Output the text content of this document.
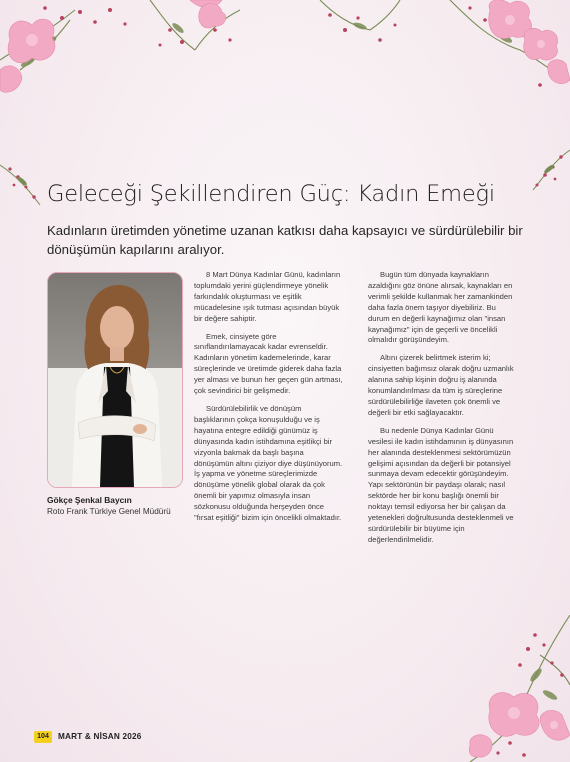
Geleceği Şekillendiren Güç: Kadın Emeği

Kadınların üretimden yönetime uzanan katkısı daha kapsayıcı ve sürdürülebilir bir dönüşümün kapılarını aralıyor.

Gökçe Şenkal Baycın
Roto Frank Türkiye Genel Müdürü

8 Mart Dünya Kadınlar Günü, kadınların toplumdaki yerini güçlendirmeye yönelik farkındalık oluşturması ve eşitlik mücadelesine ışık tutması açısından büyük bir değere sahiptir.

Emek, cinsiyete göre sınıflandırılamayacak kadar evrenseldir. Kadınların yönetim kademelerinde, karar süreçlerinde ve üretimde giderek daha fazla yer alması ve bunun her geçen gün artması, çok sevindirici bir gelişmedir.

Sürdürülebilirlik ve dönüşüm başlıklarının çokça konuşulduğu ve iş hayatına entegre edildiği günümüz iş dünyasında kadın istihdamına eşitlikçi bir vizyonla bakmak da başlı başına dönüşümün altını çiziyor diye düşünüyorum. İş yapma ve yönetme süreçlerimizde dönüşüme yönelik global olarak da çok önemli bir yapımız olmasıyla insan sözkonusu olduğunda herşeyden önce "fırsat eşitliği" bizim için öncelikli olmaktadır.

Bugün tüm dünyada kaynakların azaldığını göz önüne alırsak, kaynakları en verimli şekilde kullanmak her zamankinden daha fazla önem taşıyor diyebiliriz. Bu durum en değerli kaynağımız olan "insan kaynağımız" için de geçerli ve öncelikli olmalıdır görüşündeyim.

Altını çizerek belirtmek isterim ki; cinsiyetten bağımsız olarak doğru uzmanlık alanına sahip kişinin doğru iş alanında konumlandırılması da tüm iş süreçlerine sürdürülebilirliğe ilaveten çok önemli ve değerli bir etki sağlayacaktır.

Bu nedenle Dünya Kadınlar Günü vesilesi ile kadın istihdamının iş dünyasının her alanında desteklenmesi sektörümüzün gelişimi açısından da değerli bir potansiyel sunmaya devam edecektir görüşündeyim. Yapı sektörünün bir paydaşı olarak; nasıl sektörde her bir konu başlığı önemli bir noktayı temsil ediyorsa her bir çalışan da yetenekleri doğrultusunda desteklenmeli ve sürdürülebilir bir büyüme için değerlendirilmelidir.

104	MART & NİSAN 2026
